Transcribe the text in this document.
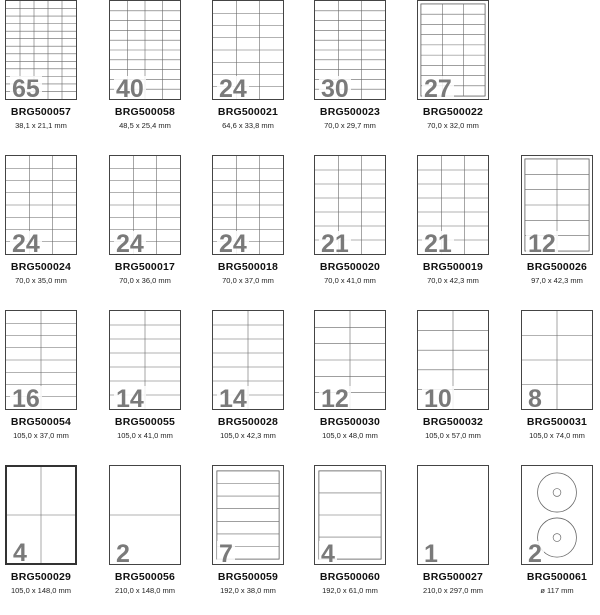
65
BRG500057
38,1 x 21,1 mm
40
BRG500058
48,5 x 25,4 mm
24
BRG500021
64,6 x 33,8 mm
30
BRG500023
70,0 x 29,7 mm
27
BRG500022
70,0 x 32,0 mm
24
BRG500024
70,0 x 35,0 mm
24
BRG500017
70,0 x 36,0 mm
24
BRG500018
70,0 x 37,0 mm
21
BRG500020
70,0 x 41,0 mm
21
BRG500019
70,0 x 42,3 mm
12
BRG500026
97,0 x 42,3 mm
16
BRG500054
105,0 x 37,0 mm
14
BRG500055
105,0 x 41,0 mm
14
BRG500028
105,0 x 42,3 mm
12
BRG500030
105,0 x 48,0 mm
10
BRG500032
105,0 x 57,0 mm
8
BRG500031
105,0 x 74,0 mm
4
BRG500029
105,0 x 148,0 mm
2
BRG500056
210,0 x 148,0 mm
7
BRG500059
192,0 x 38,0 mm
4
BRG500060
192,0 x 61,0 mm
1
BRG500027
210,0 x 297,0 mm
2
BRG500061
ø 117 mm
